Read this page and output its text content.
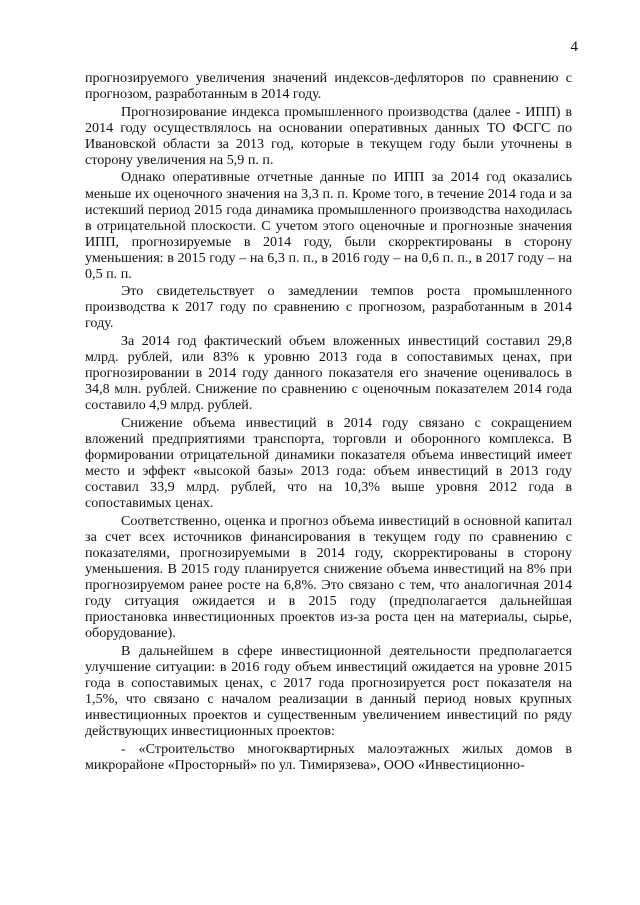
4

прогнозируемого увеличения значений индексов-дефляторов по сравнению с прогнозом, разработанным в 2014 году.

Прогнозирование индекса промышленного производства (далее - ИПП) в 2014 году осуществлялось на основании оперативных данных ТО ФСГС по Ивановской области за 2013 год, которые в текущем году были уточнены в сторону увеличения на 5,9 п. п.

Однако оперативные отчетные данные по ИПП за 2014 год оказались меньше их оценочного значения на 3,3 п. п. Кроме того, в течение 2014 года и за истекший период 2015 года динамика промышленного производства находилась в отрицательной плоскости. С учетом этого оценочные и прогнозные значения ИПП, прогнозируемые в 2014 году, были скорректированы в сторону уменьшения: в 2015 году – на 6,3 п. п., в 2016 году – на 0,6 п. п., в 2017 году – на 0,5 п. п.

Это свидетельствует о замедлении темпов роста промышленного производства к 2017 году по сравнению с прогнозом, разработанным в 2014 году.

За 2014 год фактический объем вложенных инвестиций составил 29,8 млрд. рублей, или 83% к уровню 2013 года в сопоставимых ценах, при прогнозировании в 2014 году данного показателя его значение оценивалось в 34,8 млн. рублей. Снижение по сравнению с оценочным показателем 2014 года составило 4,9 млрд. рублей.

Снижение объема инвестиций в 2014 году связано с сокращением вложений предприятиями транспорта, торговли и оборонного комплекса. В формировании отрицательной динамики показателя объема инвестиций имеет место и эффект «высокой базы» 2013 года: объем инвестиций в 2013 году составил 33,9 млрд. рублей, что на 10,3% выше уровня 2012 года в сопоставимых ценах.

Соответственно, оценка и прогноз объема инвестиций в основной капитал за счет всех источников финансирования в текущем году по сравнению с показателями, прогнозируемыми в 2014 году, скорректированы в сторону уменьшения. В 2015 году планируется снижение объема инвестиций на 8% при прогнозируемом ранее росте на 6,8%. Это связано с тем, что аналогичная 2014 году ситуация ожидается и в 2015 году (предполагается дальнейшая приостановка инвестиционных проектов из-за роста цен на материалы, сырье, оборудование).

В дальнейшем в сфере инвестиционной деятельности предполагается улучшение ситуации: в 2016 году объем инвестиций ожидается на уровне 2015 года в сопоставимых ценах, с 2017 года прогнозируется рост показателя на 1,5%, что связано с началом реализации в данный период новых крупных инвестиционных проектов и существенным увеличением инвестиций по ряду действующих инвестиционных проектов:

- «Строительство многоквартирных малоэтажных жилых домов в микрорайоне «Просторный» по ул. Тимирязева», ООО «Инвестиционно-
